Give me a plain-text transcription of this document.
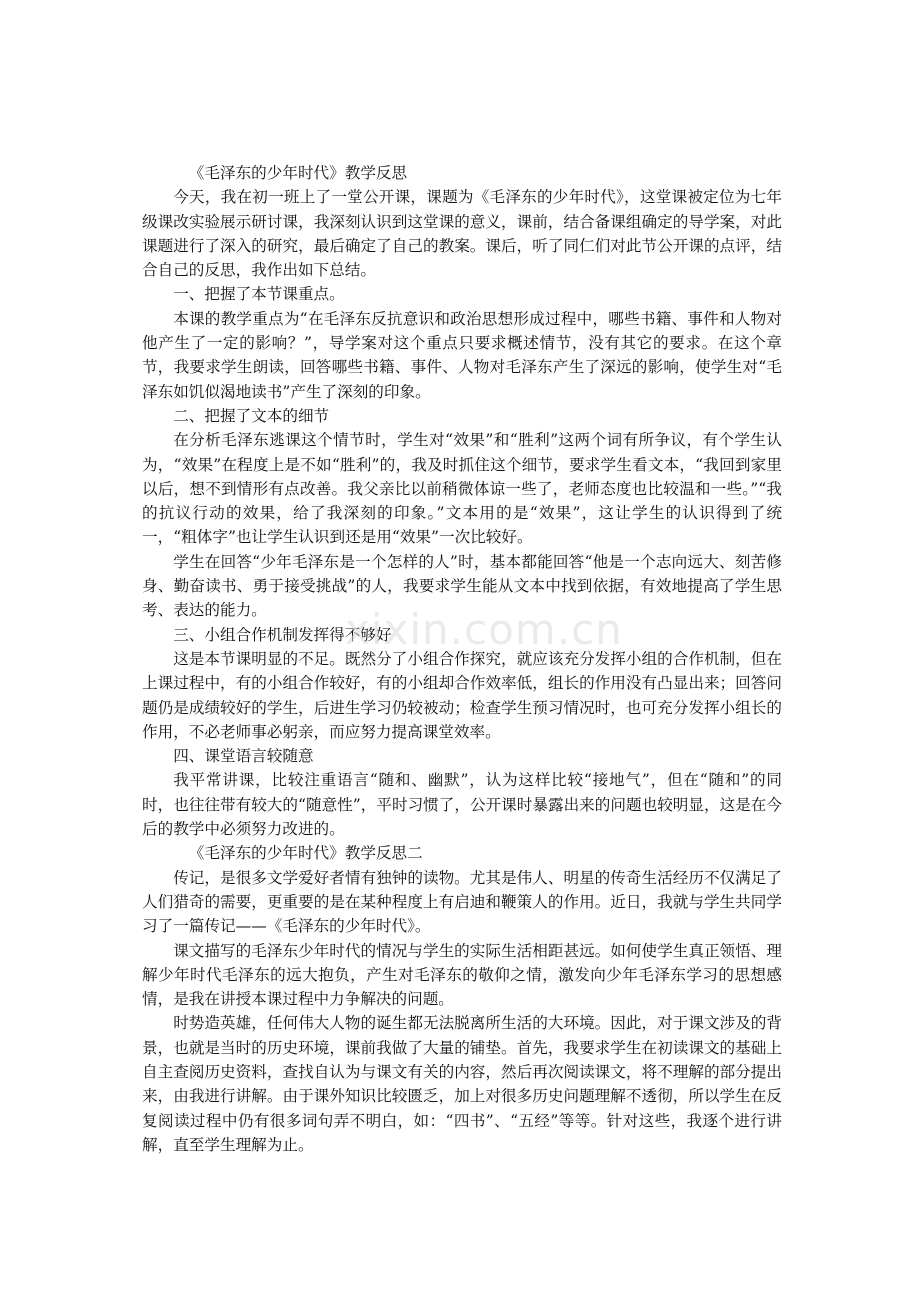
《毛泽东的少年时代》教学反思

今天，我在初一班上了一堂公开课，课题为《毛泽东的少年时代》，这堂课被定位为七年级课改实验展示研讨课，我深刻认识到这堂课的意义，课前，结合备课组确定的导学案，对此课题进行了深入的研究，最后确定了自己的教案。课后，听了同仁们对此节公开课的点评，结合自己的反思，我作出如下总结。

一、把握了本节课重点。

本课的教学重点为“在毛泽东反抗意识和政治思想形成过程中，哪些书籍、事件和人物对他产生了一定的影响？”，导学案对这个重点只要求概述情节，没有其它的要求。在这个章节，我要求学生朗读，回答哪些书籍、事件、人物对毛泽东产生了深远的影响，使学生对“毛泽东如饥似渴地读书”产生了深刻的印象。

二、把握了文本的细节

在分析毛泽东逃课这个情节时，学生对“效果”和“胜利”这两个词有所争议，有个学生认为，“效果”在程度上是不如“胜利”的，我及时抓住这个细节，要求学生看文本，“我回到家里以后，想不到情形有点改善。我父亲比以前稍微体谅一些了，老师态度也比较温和一些。”“我的抗议行动的效果，给了我深刻的印象。”文本用的是“效果”，这让学生的认识得到了统一，“粗体字”也让学生认识到还是用“效果”一次比较好。

学生在回答“少年毛泽东是一个怎样的人”时，基本都能回答“他是一个志向远大、刻苦修身、勤奋读书、勇于接受挑战”的人，我要求学生能从文本中找到依据，有效地提高了学生思考、表达的能力。

三、小组合作机制发挥得不够好

这是本节课明显的不足。既然分了小组合作探究，就应该充分发挥小组的合作机制，但在上课过程中，有的小组合作较好，有的小组却合作效率低，组长的作用没有凸显出来；回答问题仍是成绩较好的学生，后进生学习仍较被动；检查学生预习情况时，也可充分发挥小组长的作用，不必老师事必躬亲，而应努力提高课堂效率。

四、课堂语言较随意

我平常讲课，比较注重语言“随和、幽默”，认为这样比较“接地气”，但在“随和”的同时，也往往带有较大的“随意性”，平时习惯了，公开课时暴露出来的问题也较明显，这是在今后的教学中必须努力改进的。

《毛泽东的少年时代》教学反思二

传记，是很多文学爱好者情有独钟的读物。尤其是伟人、明星的传奇生活经历不仅满足了人们猎奇的需要，更重要的是在某种程度上有启迪和鞭策人的作用。近日，我就与学生共同学习了一篇传记——《毛泽东的少年时代》。

课文描写的毛泽东少年时代的情况与学生的实际生活相距甚远。如何使学生真正领悟、理解少年时代毛泽东的远大抱负，产生对毛泽东的敬仰之情，激发向少年毛泽东学习的思想感情，是我在讲授本课过程中力争解决的问题。

时势造英雄，任何伟大人物的诞生都无法脱离所生活的大环境。因此，对于课文涉及的背景，也就是当时的历史环境，课前我做了大量的铺垫。首先，我要求学生在初读课文的基础上自主查阅历史资料，查找自认为与课文有关的内容，然后再次阅读课文，将不理解的部分提出来，由我进行讲解。由于课外知识比较匮乏，加上对很多历史问题理解不透彻，所以学生在反复阅读过程中仍有很多词句弄不明白，如：“四书”、“五经”等等。针对这些，我逐个进行讲解，直至学生理解为止。

xixin.com.cn
